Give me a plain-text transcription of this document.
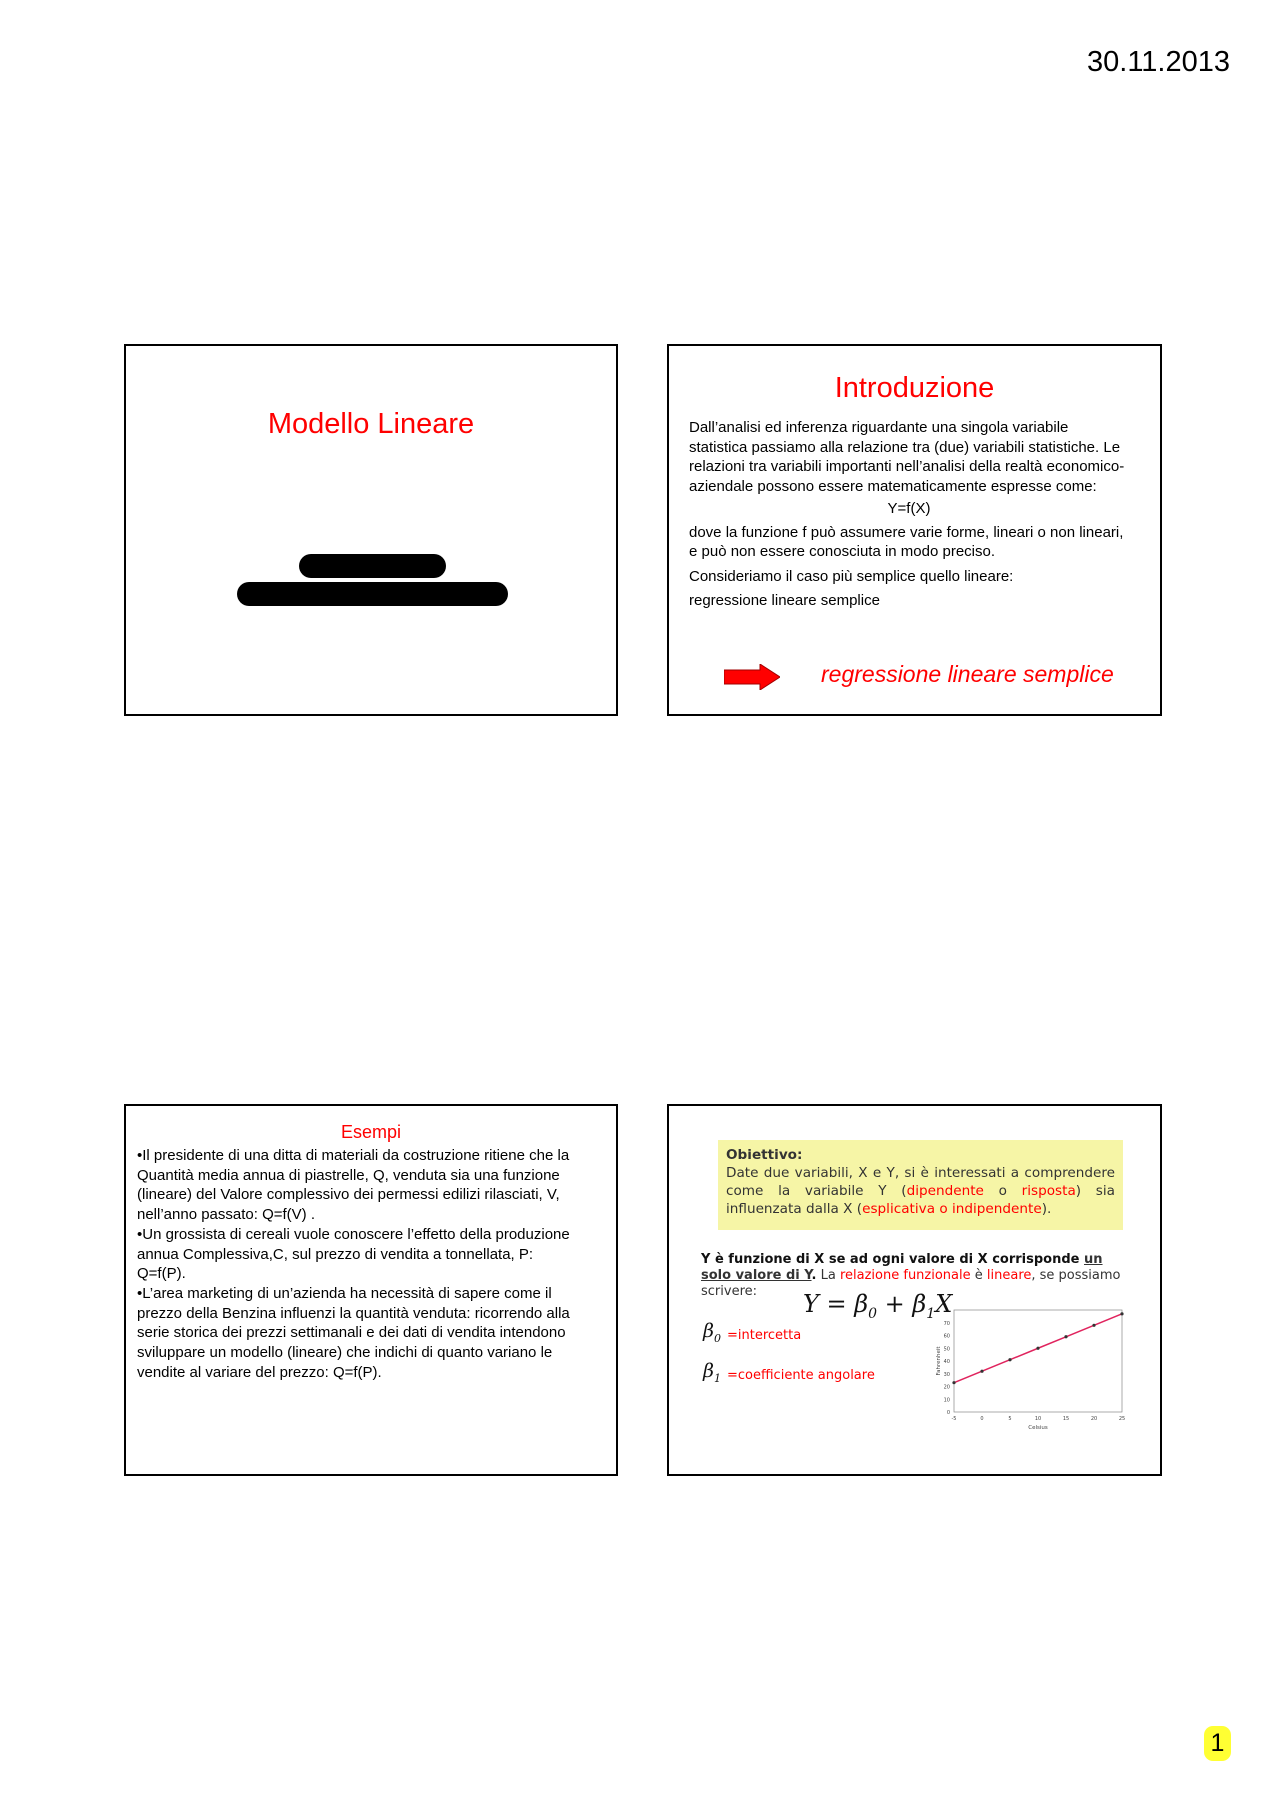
30.11.2013
Modello Lineare
Introduzione

Dall’analisi ed inferenza riguardante una singola variabile statistica passiamo alla relazione tra (due) variabili statistiche. Le relazioni tra variabili importanti nell’analisi della realtà economico-aziendale possono essere matematicamente espresse come:

Y=f(X)

dove la funzione f può assumere varie forme, lineari o non lineari, e può non essere conosciuta in modo preciso.

Consideriamo il caso più semplice quello lineare:

regressione lineare semplice

regressione lineare semplice
Esempi

•Il presidente di una ditta di materiali da costruzione ritiene che la Quantità media annua di piastrelle, Q, venduta sia una funzione (lineare) del Valore complessivo dei permessi edilizi rilasciati, V, nell’anno passato: Q=f(V) .

•Un grossista di cereali vuole conoscere l’effetto della produzione annua Complessiva,C, sul prezzo di vendita a tonnellata, P: Q=f(P).

•L’area marketing di un’azienda ha necessità di sapere come il prezzo della Benzina influenzi la quantità venduta: ricorrendo alla serie storica dei prezzi settimanali e dei dati di vendita intendono sviluppare un modello (lineare) che indichi di quanto variano le vendite al variare del prezzo: Q=f(P).

Obiettivo:
Date due variabili, X e Y, si è interessati a comprendere come la variabile Y (dipendente o risposta) sia influenzata dalla X (esplicativa o indipendente).
Y è funzione di X se ad ogni valore di X corrisponde un solo valore di Y. La relazione funzionale è lineare, se possiamo scrivere:	$Y = \beta_0 + \beta_1X$
$\beta_0$ =intercetta
$\beta_1$ =coefficiente angolare
0
10
20
30
40
50
60
70
-5	0	5	10	15	20	25
Celsius
Fahrenheit
1
